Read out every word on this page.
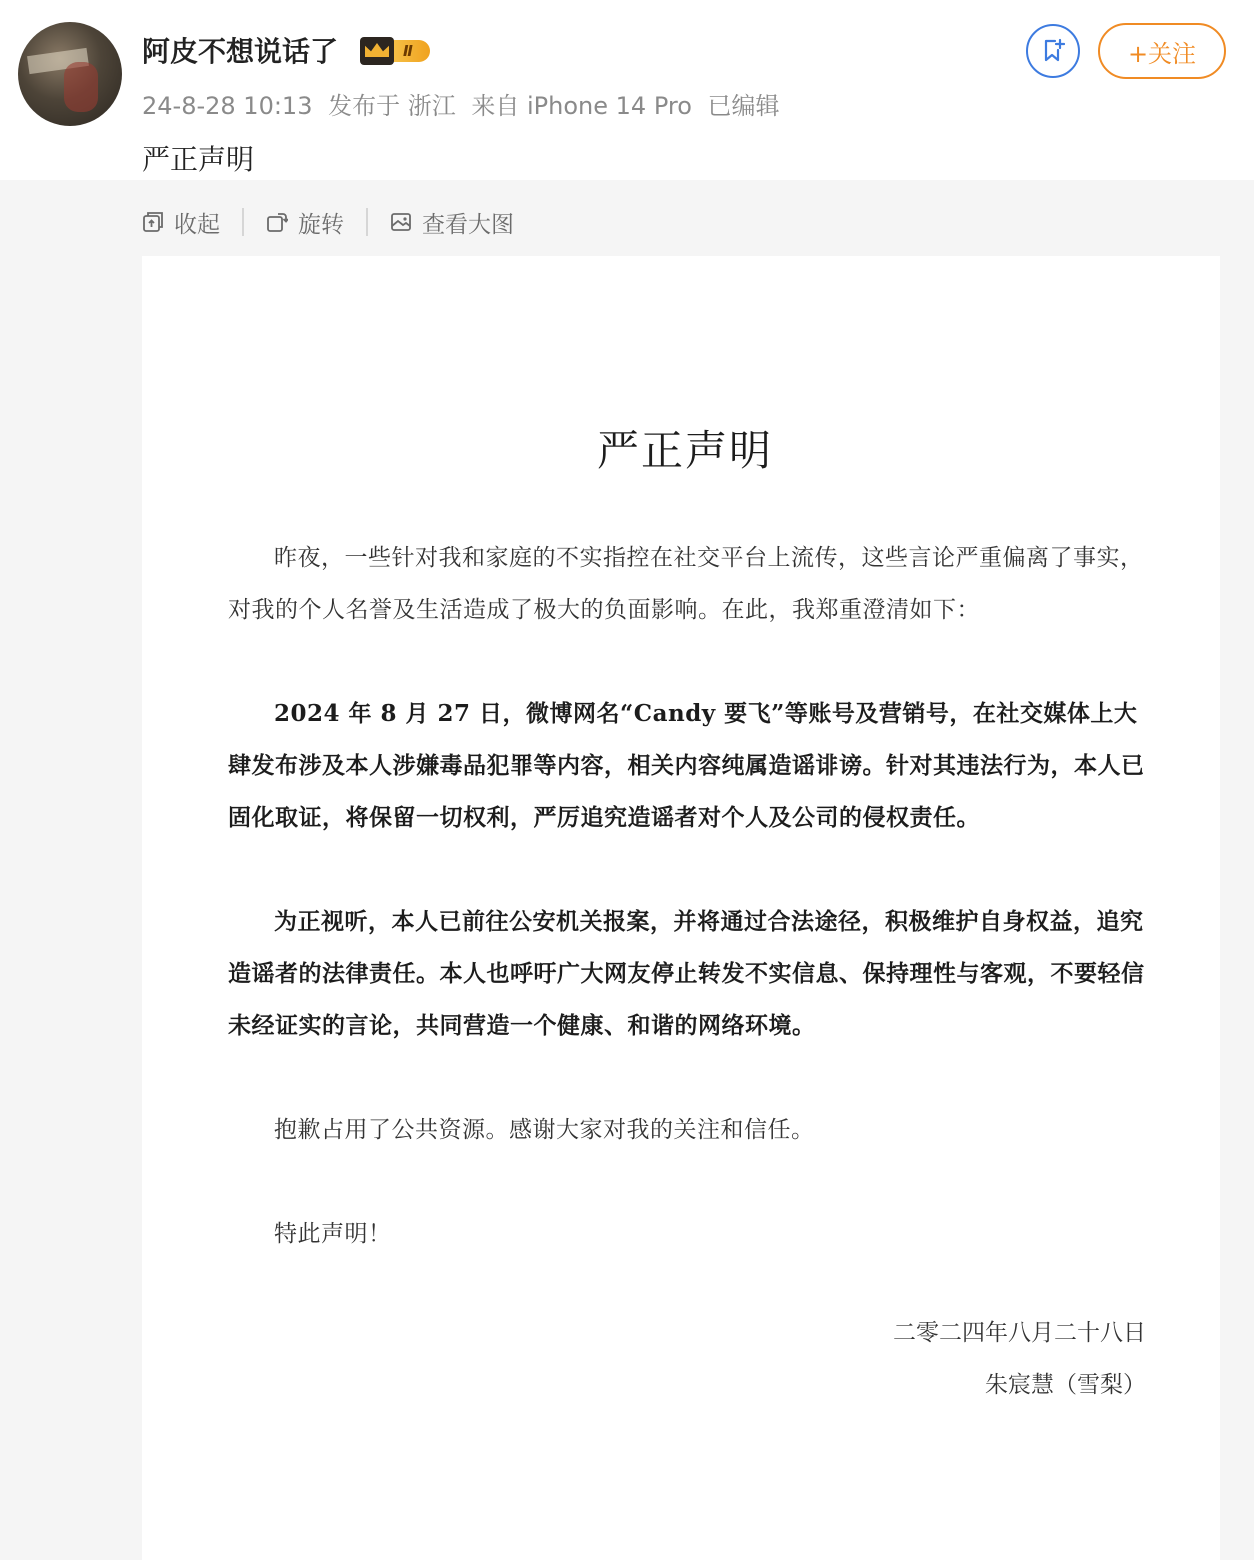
阿皮不想说话了	Ⅱ
24-8-28 10:13 发布于 浙江 来自 iPhone 14 Pro 已编辑
严正声明
+关注
收起	旋转	查看大图
严正声明

昨夜，一些针对我和家庭的不实指控在社交平台上流传，这些言论严重偏离了事实，对我的个人名誉及生活造成了极大的负面影响。在此，我郑重澄清如下：

2024 年 8 月 27 日，微博网名“Candy 要飞”等账号及营销号，在社交媒体上大肆发布涉及本人涉嫌毒品犯罪等内容，相关内容纯属造谣诽谤。针对其违法行为，本人已固化取证，将保留一切权利，严厉追究造谣者对个人及公司的侵权责任。

为正视听，本人已前往公安机关报案，并将通过合法途径，积极维护自身权益，追究造谣者的法律责任。本人也呼吁广大网友停止转发不实信息、保持理性与客观，不要轻信未经证实的言论，共同营造一个健康、和谐的网络环境。

抱歉占用了公共资源。感谢大家对我的关注和信任。

特此声明！

二零二四年八月二十八日
朱宸慧（雪梨）
